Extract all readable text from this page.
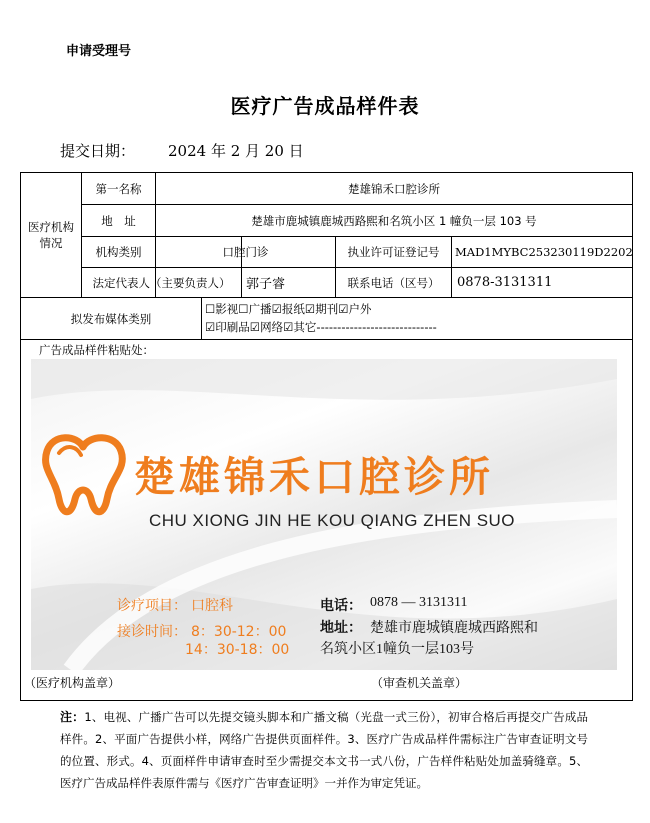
申请受理号
医疗广告成品样件表
提交日期： 2024 年 2 月 20 日
医疗机构情况
第一名称	楚雄锦禾口腔诊所
地　址	楚雄市鹿城镇鹿城西路熙和名筑小区 1 幢负一层 103 号
机构类别	口腔门诊	执业许可证登记号	MAD1MYBC253230119D2202
法定代表人（主要负责人）	郭子睿	联系电话（区号）	0878-3131311
拟发布媒体类别
☐影视☐广播☑报纸☑期刊☑户外
☑印刷品☑网络☑其它-----------------------------
广告成品样件粘贴处：
楚雄锦禾口腔诊所
CHU XIONG JIN HE KOU QIANG ZHEN SUO
诊疗项目： 口腔科
接诊时间： 8：30-12：00
14：30-18：00
电话： 0878 — 3131311
地址： 楚雄市鹿城镇鹿城西路熙和
名筑小区1幢负一层103号
（医疗机构盖章）	（审查机关盖章）
注：1、电视、广播广告可以先提交镜头脚本和广播文稿（光盘一式三份），初审合格后再提交广告成品样件。2、平面广告提供小样，网络广告提供页面样件。3、医疗广告成品样件需标注广告审查证明文号的位置、形式。4、页面样件申请审查时至少需提交本文书一式八份，广告样件粘贴处加盖骑缝章。5、医疗广告成品样件表原件需与《医疗广告审查证明》一并作为审定凭证。
